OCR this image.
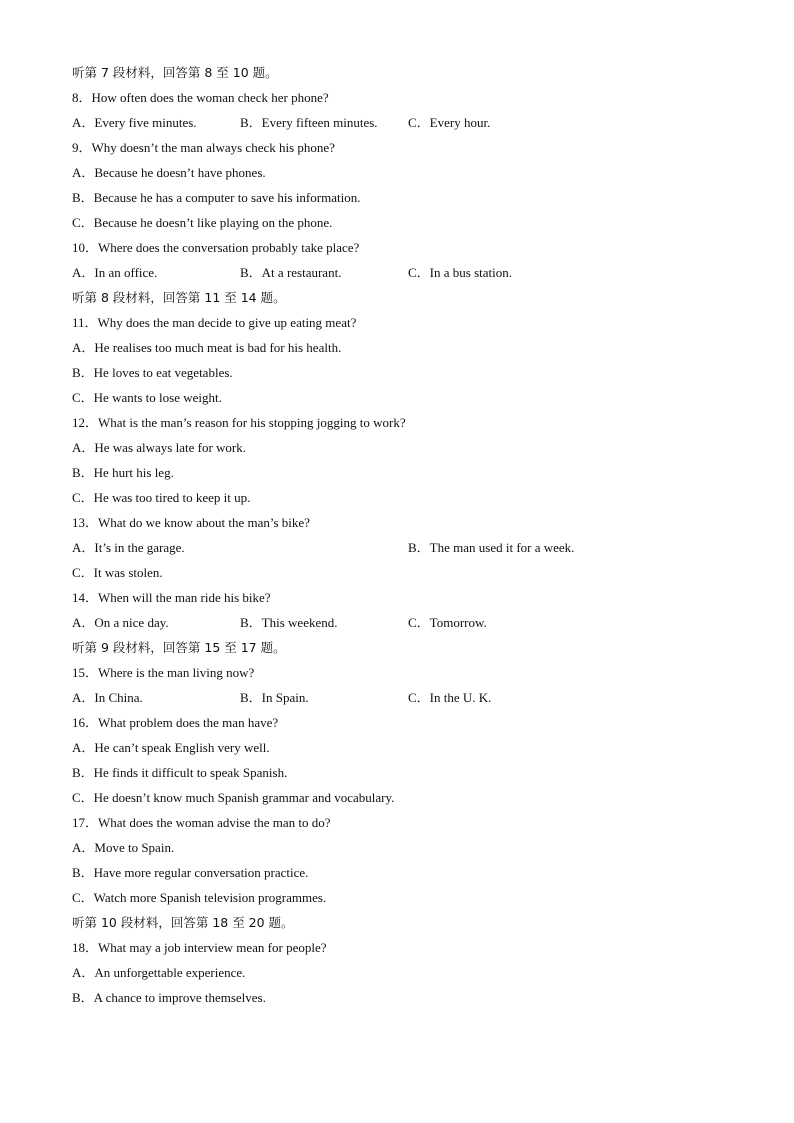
听第 7 段材料，回答第 8 至 10 题。
8．How often does the woman check her phone?
A．Every five minutes.	B．Every fifteen minutes. C．Every hour.
9．Why doesn’t the man always check his phone?
A．Because he doesn’t have phones.
B．Because he has a computer to save his information.
C．Because he doesn’t like playing on the phone.
10．Where does the conversation probably take place?
A．In an office.	B．At a restaurant.	C．In a bus station.
听第 8 段材料，回答第 11 至 14 题。
11．Why does the man decide to give up eating meat?
A．He realises too much meat is bad for his health.
B．He loves to eat vegetables.
C．He wants to lose weight.
12．What is the man’s reason for his stopping jogging to work?
A．He was always late for work.
B．He hurt his leg.
C．He was too tired to keep it up.
13．What do we know about the man’s bike?
A．It’s in the garage.	B．The man used it for a week.
C．It was stolen.
14．When will the man ride his bike?
A．On a nice day.	B．This weekend.	C．Tomorrow.
听第 9 段材料，回答第 15 至 17 题。
15．Where is the man living now?
A．In China.	B．In Spain.	C．In the U. K.
16．What problem does the man have?
A．He can’t speak English very well.
B．He finds it difficult to speak Spanish.
C．He doesn’t know much Spanish grammar and vocabulary.
17．What does the woman advise the man to do?
A．Move to Spain.
B．Have more regular conversation practice.
C．Watch more Spanish television programmes.
听第 10 段材料，回答第 18 至 20 题。
18．What may a job interview mean for people?
A．An unforgettable experience.
B．A chance to improve themselves.
